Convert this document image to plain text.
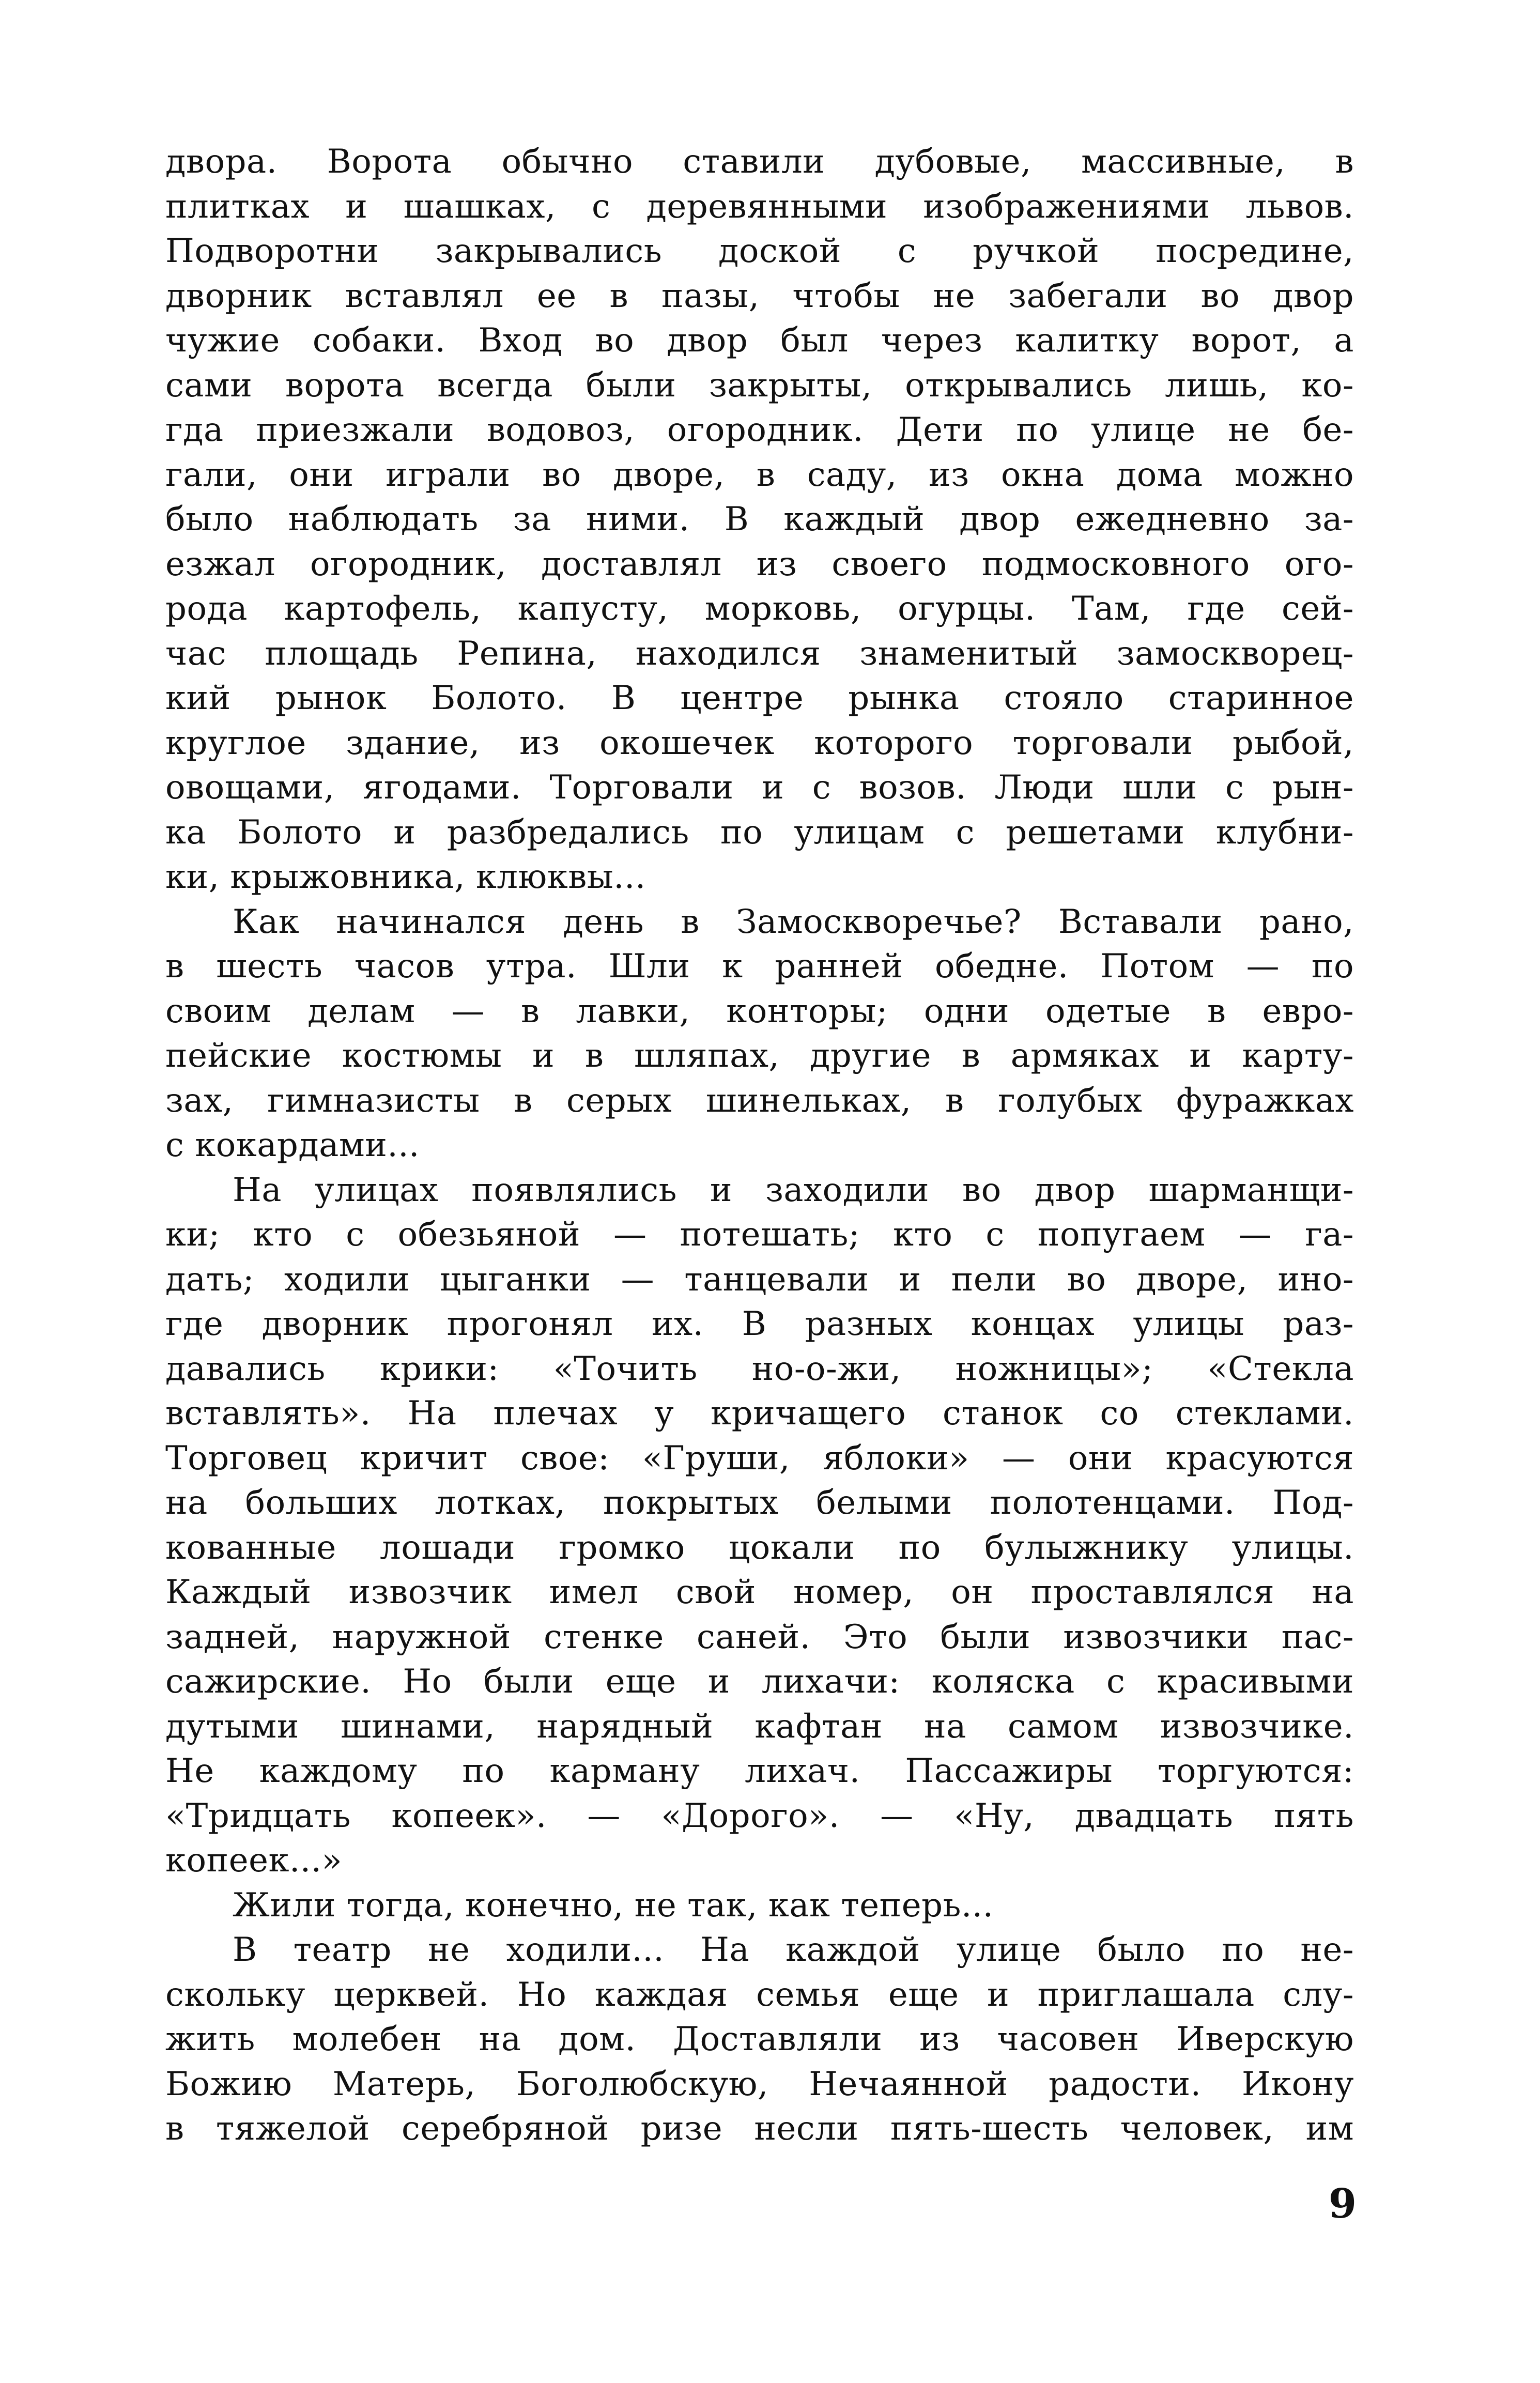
двора. Ворота обычно ставили дубовые, массивные, в
плитках и шашках, с деревянными изображениями львов.
Подворотни закрывались доской с ручкой посредине,
дворник вставлял ее в пазы, чтобы не забегали во двор
чужие собаки. Вход во двор был через калитку ворот, а
сами ворота всегда были закрыты, открывались лишь, ко-
гда приезжали водовоз, огородник. Дети по улице не бе-
гали, они играли во дворе, в саду, из окна дома можно
было наблюдать за ними. В каждый двор ежедневно за-
езжал огородник, доставлял из своего подмосковного ого-
рода картофель, капусту, морковь, огурцы. Там, где сей-
час площадь Репина, находился знаменитый замоскворец-
кий рынок Болото. В центре рынка стояло старинное
круглое здание, из окошечек которого торговали рыбой,
овощами, ягодами. Торговали и с возов. Люди шли с рын-
ка Болото и разбредались по улицам с решетами клубни-
ки, крыжовника, клюквы...
Как начинался день в Замоскворечье? Вставали рано,
в шесть часов утра. Шли к ранней обедне. Потом — по
своим делам — в лавки, конторы; одни одетые в евро-
пейские костюмы и в шляпах, другие в армяках и карту-
зах, гимназисты в серых шинельках, в голубых фуражках
с кокардами...
На улицах появлялись и заходили во двор шарманщи-
ки; кто с обезьяной — потешать; кто с попугаем — га-
дать; ходили цыганки — танцевали и пели во дворе, ино-
где дворник прогонял их. В разных концах улицы раз-
давались крики: «Точить но-о-жи, ножницы»; «Стекла
вставлять». На плечах у кричащего станок со стеклами.
Торговец кричит свое: «Груши, яблоки» — они красуются
на больших лотках, покрытых белыми полотенцами. Под-
кованные лошади громко цокали по булыжнику улицы.
Каждый извозчик имел свой номер, он проставлялся на
задней, наружной стенке саней. Это были извозчики пас-
сажирские. Но были еще и лихачи: коляска с красивыми
дутыми шинами, нарядный кафтан на самом извозчике.
Не каждому по карману лихач. Пассажиры торгуются:
«Тридцать копеек». — «Дорого». — «Ну, двадцать пять
копеек...»
Жили тогда, конечно, не так, как теперь...
В театр не ходили... На каждой улице было по не-
скольку церквей. Но каждая семья еще и приглашала слу-
жить молебен на дом. Доставляли из часовен Иверскую
Божию Матерь, Боголюбскую, Нечаянной радости. Икону
в тяжелой серебряной ризе несли пять-шесть человек, им
9
